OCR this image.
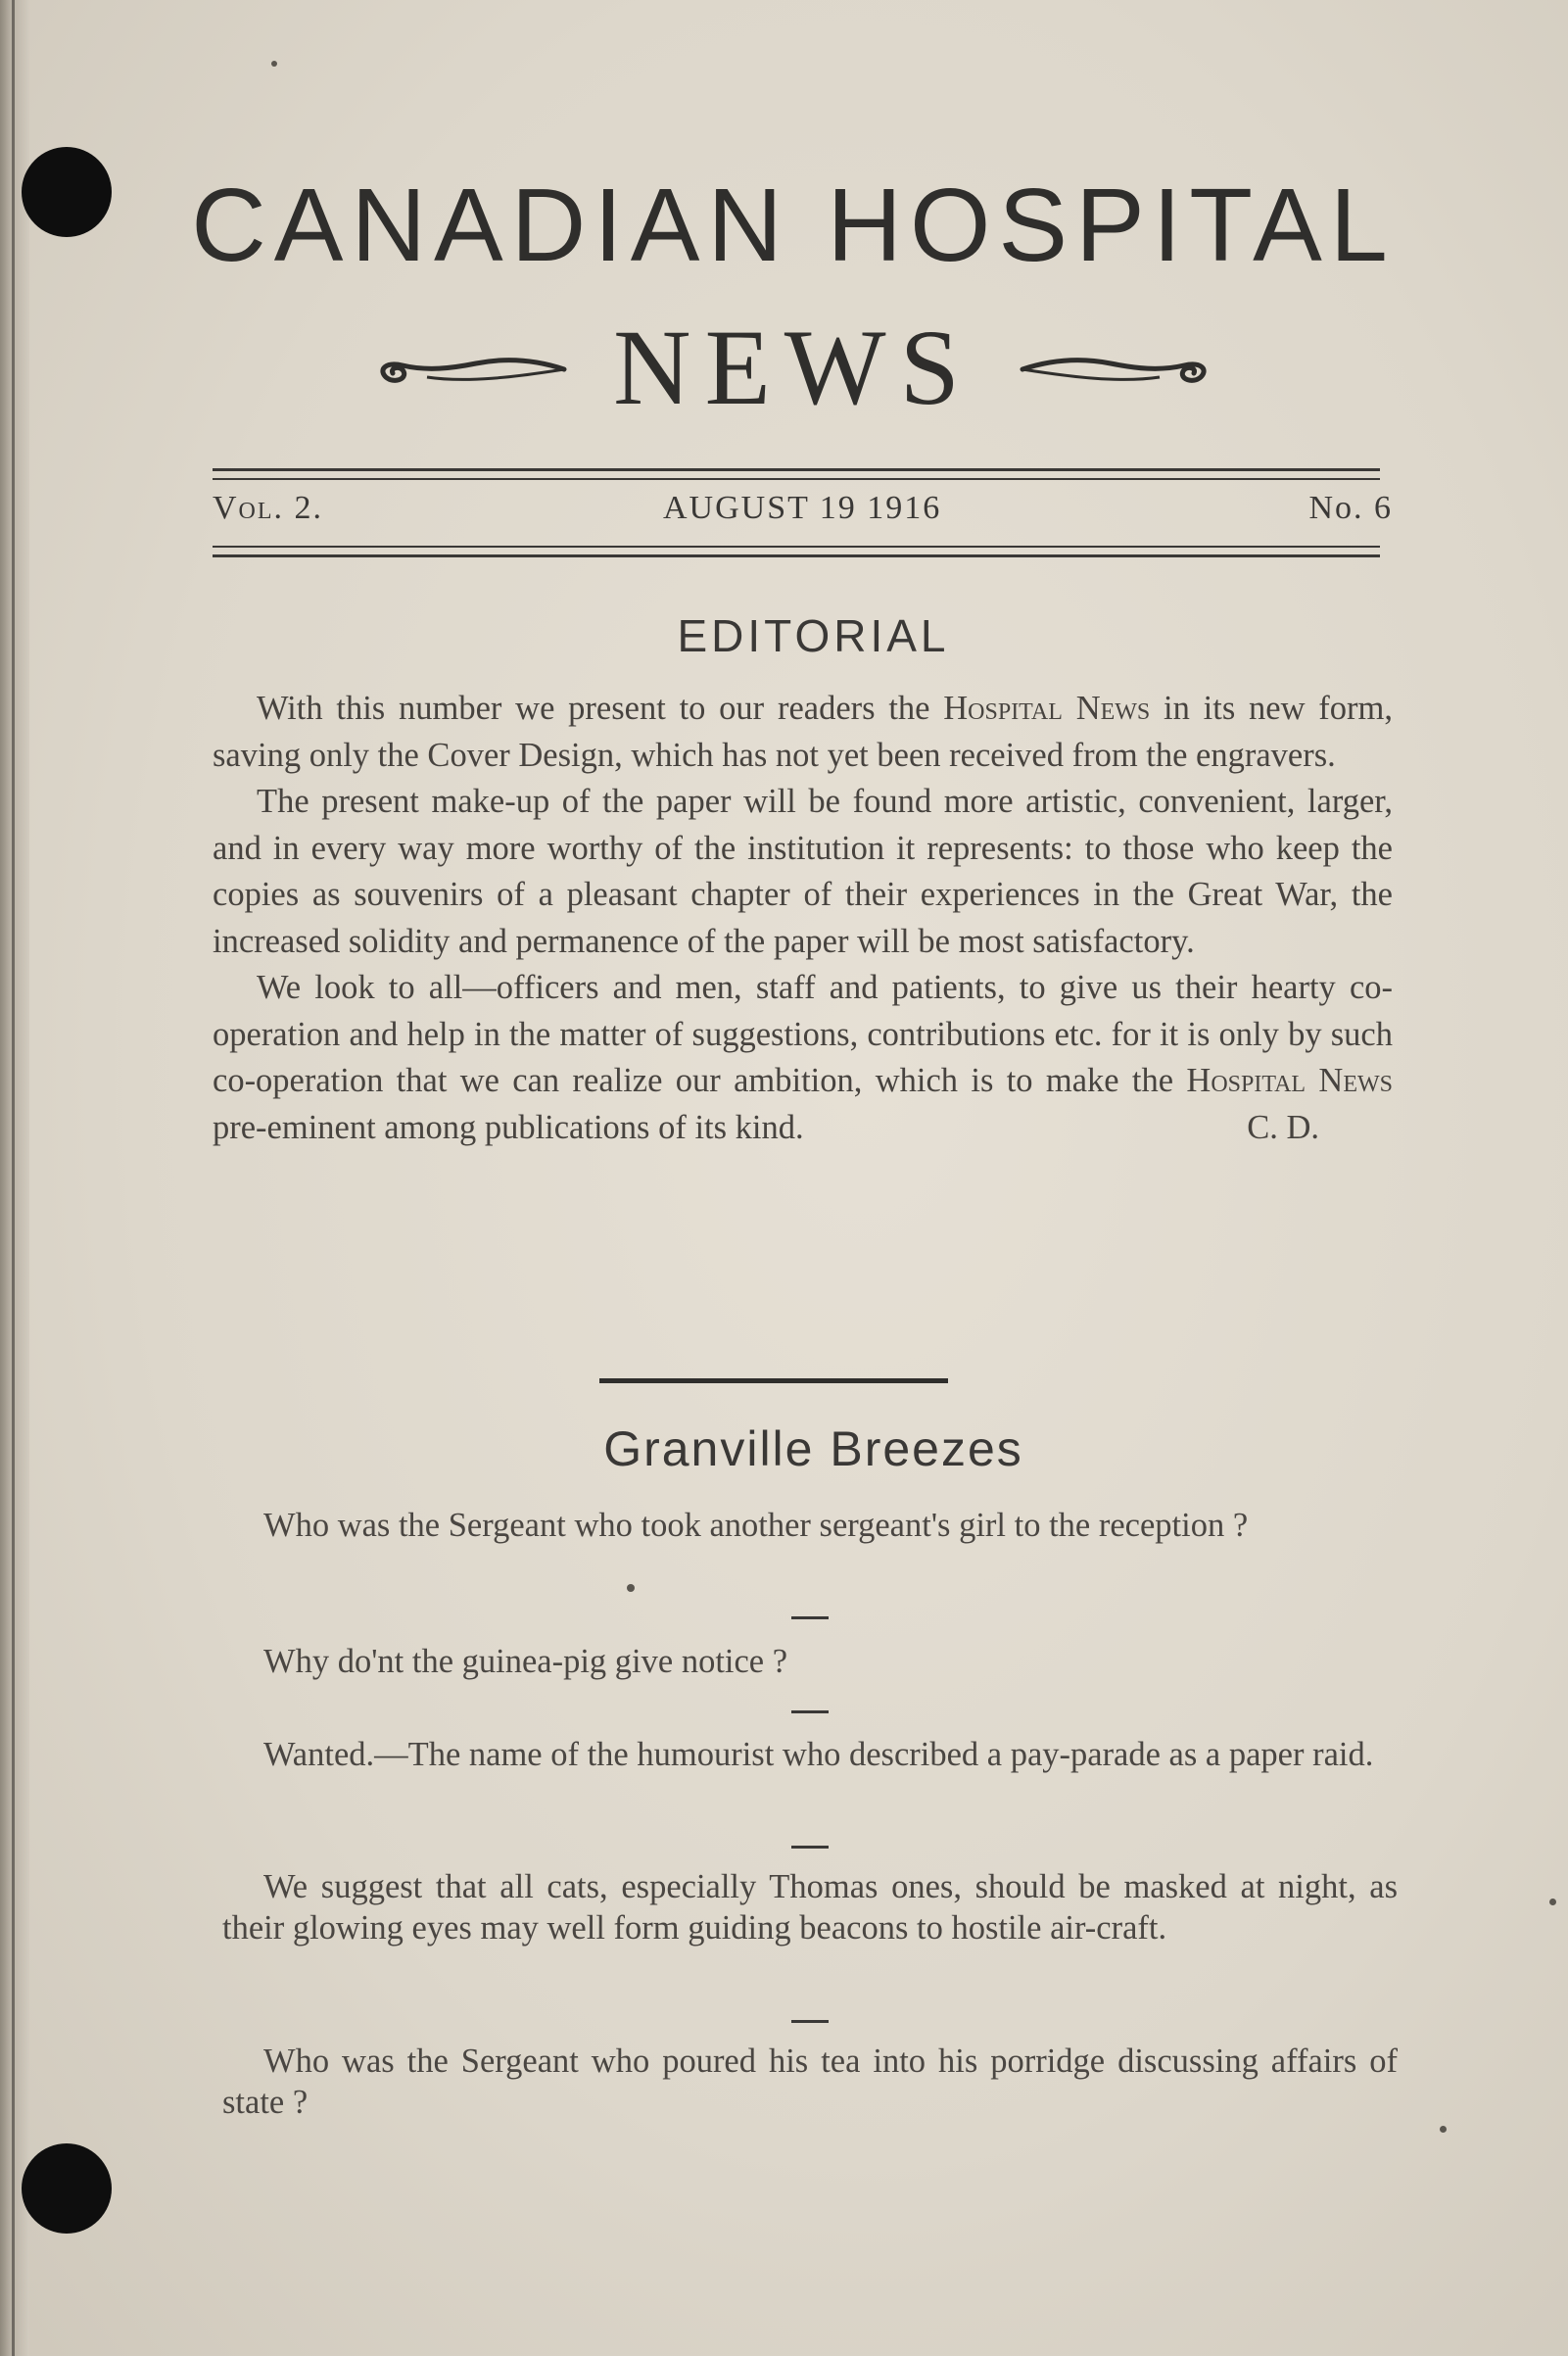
CANADIAN HOSPITAL
NEWS
Vol. 2.	AUGUST 19 1916	No. 6
EDITORIAL

With this number we present to our readers the Hospital News in its new form, saving only the Cover Design, which has not yet been received from the engravers.

The present make-up of the paper will be found more artistic, convenient, larger, and in every way more worthy of the institution it represents: to those who keep the copies as souvenirs of a pleasant chapter of their experiences in the Great War, the increased solidity and permanence of the paper will be most satisfactory.

We look to all—officers and men, staff and patients, to give us their hearty co-operation and help in the matter of suggestions, contributions etc. for it is only by such co-operation that we can realize our ambition, which is to make the Hospital News pre-eminent among publications of its kind.	C. D.

Granville Breezes

Who was the Sergeant who took another sergeant's girl to the reception ?

Why do'nt the guinea-pig give notice ?

Wanted.—The name of the humourist who described a pay-parade as a paper raid.

We suggest that all cats, especially Thomas ones, should be masked at night, as their glowing eyes may well form guiding beacons to hostile air-craft.

Who was the Sergeant who poured his tea into his porridge discussing affairs of state ?
